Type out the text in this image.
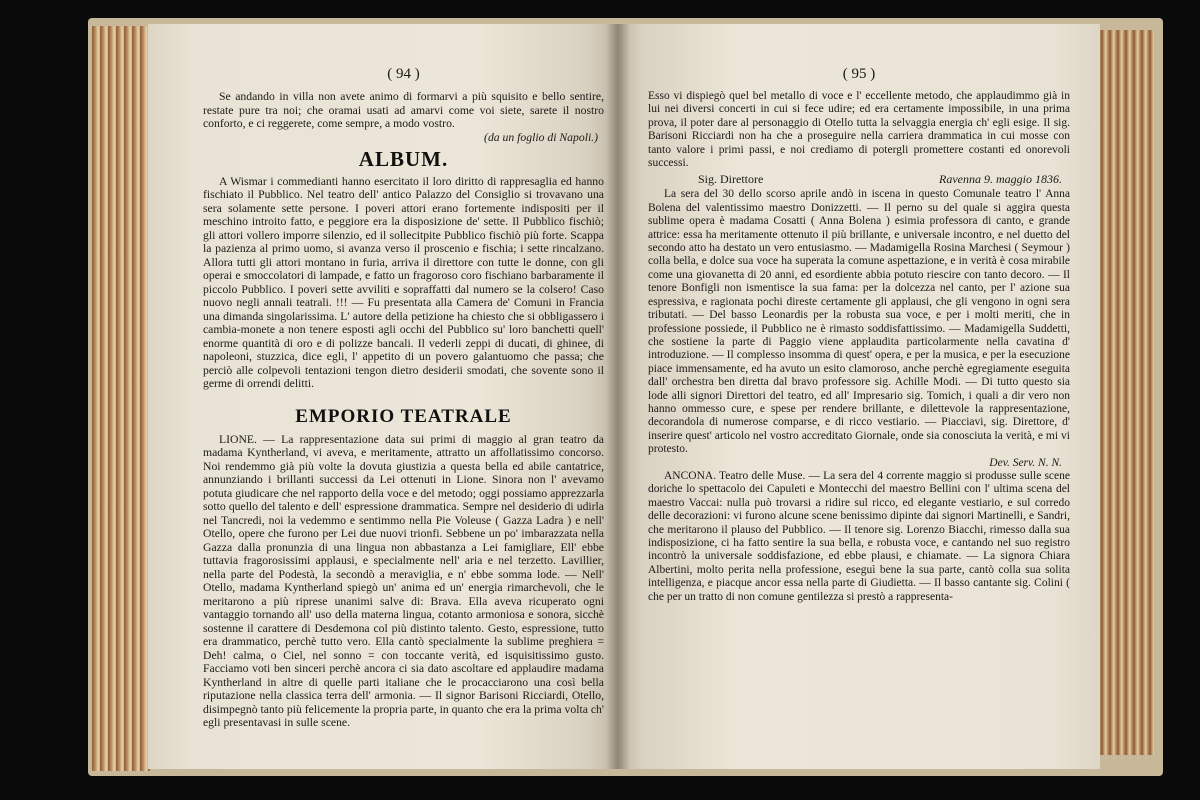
( 94 )

Se andando in villa non avete animo di formarvi a più squisito e bello sentire, restate pure tra noi; che oramai usati ad amarvi come voi siete, sarete il nostro conforto, e ci reggerete, come sempre, a modo vostro.

(da un foglio di Napoli.)

ALBUM.

A Wismar i commedianti hanno esercitato il loro diritto di rappresaglia ed hanno fischiato il Pubblico. Nel teatro dell' antico Palazzo del Consiglio si trovavano una sera solamente sette persone. I poveri attori erano fortemente indispositi per il meschino introito fatto, e peggiore era la disposizione de' sette. Il Pubblico fischiò; gli attori vollero imporre silenzio, ed il sollecitpite Pubblico fischiò più forte. Scappa la pazienza al primo uomo, si avanza verso il proscenio e fischia; i sette rincalzano. Allora tutti gli attori montano in furia, arriva il direttore con tutte le donne, con gli operai e smoccolatori di lampade, e fatto un fragoroso coro fischiano barbaramente il piccolo Pubblico. I poveri sette avviliti e sopraffatti dal numero se la colsero! Caso nuovo negli annali teatrali. !!! — Fu presentata alla Camera de' Comuni in Francia una dimanda singolarissima. L' autore della petizione ha chiesto che si obbligassero i cambia-monete a non tenere esposti agli occhi del Pubblico su' loro banchetti quell' enorme quantità di oro e di polizze bancali. Il vederli zeppi di ducati, di ghinee, di napoleoni, stuzzica, dice egli, l' appetito di un povero galantuomo che passa; che perciò alle colpevoli tentazioni tengon dietro desiderii smodati, che sovente sono il germe di orrendi delitti.

EMPORIO TEATRALE

LIONE. — La rappresentazione data sui primi di maggio al gran teatro da madama Kyntherland, vi aveva, e meritamente, attratto un affollatissimo concorso. Noi rendemmo già più volte la dovuta giustizia a questa bella ed abile cantatrice, annunziando i brillanti successi da Lei ottenuti in Lione. Sinora non l' avevamo potuta giudicare che nel rapporto della voce e del metodo; oggi possiamo apprezzarla sotto quello del talento e dell' espressione drammatica. Sempre nel desiderio di udirla nel Tancredi, noi la vedemmo e sentimmo nella Pie Voleuse ( Gazza Ladra ) e nell' Otello, opere che furono per Lei due nuovi trionfi. Sebbene un po' imbarazzata nella Gazza dalla pronunzia di una lingua non abbastanza a Lei famigliare, Ell' ebbe tuttavia fragorosissimi applausi, e specialmente nell' aria e nel terzetto. Lavillier, nella parte del Podestà, la secondò a meraviglia, e n' ebbe somma lode. — Nell' Otello, madama Kyntherland spiegò un' anima ed un' energia rimarchevoli, che le meritarono a più riprese unanimi salve di: Brava. Ella aveva ricuperato ogni vantaggio tornando all' uso della materna lingua, cotanto armoniosa e sonora, sicchè sostenne il carattere di Desdemona col più distinto talento. Gesto, espressione, tutto era drammatico, perchè tutto vero. Ella cantò specialmente la sublime preghiera = Deh! calma, o Ciel, nel sonno = con toccante verità, ed isquisitissimo gusto. Facciamo voti ben sinceri perchè ancora ci sia dato ascoltare ed applaudire madama Kyntherland in altre di quelle parti italiane che le procacciarono una così bella riputazione nella classica terra dell' armonia. — Il signor Barisoni Ricciardi, Otello, disimpegnò tanto più felicemente la propria parte, in quanto che era la prima volta ch' egli presentavasi in sulle scene.

( 95 )

Esso vi dispiegò quel bel metallo di voce e l' eccellente metodo, che applaudimmo già in lui nei diversi concerti in cui si fece udire; ed era certamente impossibile, in una prima prova, il poter dare al personaggio di Otello tutta la selvaggia energia ch' egli esige. Il sig. Barisoni Ricciardi non ha che a proseguire nella carriera drammatica in cui mosse con tanto valore i primi passi, e noi crediamo di potergli promettere costanti ed onorevoli successi.

Sig. Direttore	Ravenna 9. maggio 1836.

La sera del 30 dello scorso aprile andò in iscena in questo Comunale teatro l' Anna Bolena del valentissimo maestro Donizzetti. — Il perno su del quale si aggira questa sublime opera è madama Cosatti ( Anna Bolena ) esimia professora di canto, e grande attrice: essa ha meritamente ottenuto il più brillante, e universale incontro, e nel duetto del secondo atto ha destato un vero entusiasmo. — Madamigella Rosina Marchesi ( Seymour ) colla bella, e dolce sua voce ha superata la comune aspettazione, e in verità è cosa mirabile come una giovanetta di 20 anni, ed esordiente abbia potuto riescire con tanto decoro. — Il tenore Bonfigli non ismentisce la sua fama: per la dolcezza nel canto, per l' azione sua espressiva, e ragionata pochi direste certamente gli applausi, che gli vengono in ogni sera tributati. — Del basso Leonardis per la robusta sua voce, e per i molti meriti, che in professione possiede, il Pubblico ne è rimasto soddisfattissimo. — Madamigella Suddetti, che sostiene la parte di Paggio viene applaudita particolarmente nella cavatina d' introduzione. — Il complesso insomma di quest' opera, e per la musica, e per la esecuzione piace immensamente, ed ha avuto un esito clamoroso, anche perchè egregiamente eseguita dall' orchestra ben diretta dal bravo professore sig. Achille Modi. — Di tutto questo sia lode alli signori Direttori del teatro, ed all' Impresario sig. Tomich, i quali a dir vero non hanno ommesso cure, e spese per rendere brillante, e dilettevole la rappresentazione, decorandola di numerose comparse, e di ricco vestiario. — Piacciavi, sig. Direttore, d' inserire quest' articolo nel vostro accreditato Giornale, onde sia conosciuta la verità, e mi vi protesto.

Dev. Serv. N. N.

ANCONA. Teatro delle Muse. — La sera del 4 corrente maggio si produsse sulle scene doriche lo spettacolo dei Capuleti e Montecchi del maestro Bellini con l' ultima scena del maestro Vaccai: nulla può trovarsi a ridire sul ricco, ed elegante vestiario, e sul corredo delle decorazioni: vi furono alcune scene benissimo dipinte dai signori Martinelli, e Sandri, che meritarono il plauso del Pubblico. — Il tenore sig. Lorenzo Biacchi, rimesso dalla sua indisposizione, ci ha fatto sentire la sua bella, e robusta voce, e cantando nel suo registro incontrò la universale soddisfazione, ed ebbe plausi, e chiamate. — La signora Chiara Albertini, molto perita nella professione, eseguì bene la sua parte, cantò colla sua solita intelligenza, e piacque ancor essa nella parte di Giudietta. — Il basso cantante sig. Colini ( che per un tratto di non comune gentilezza si prestò a rappresenta-
